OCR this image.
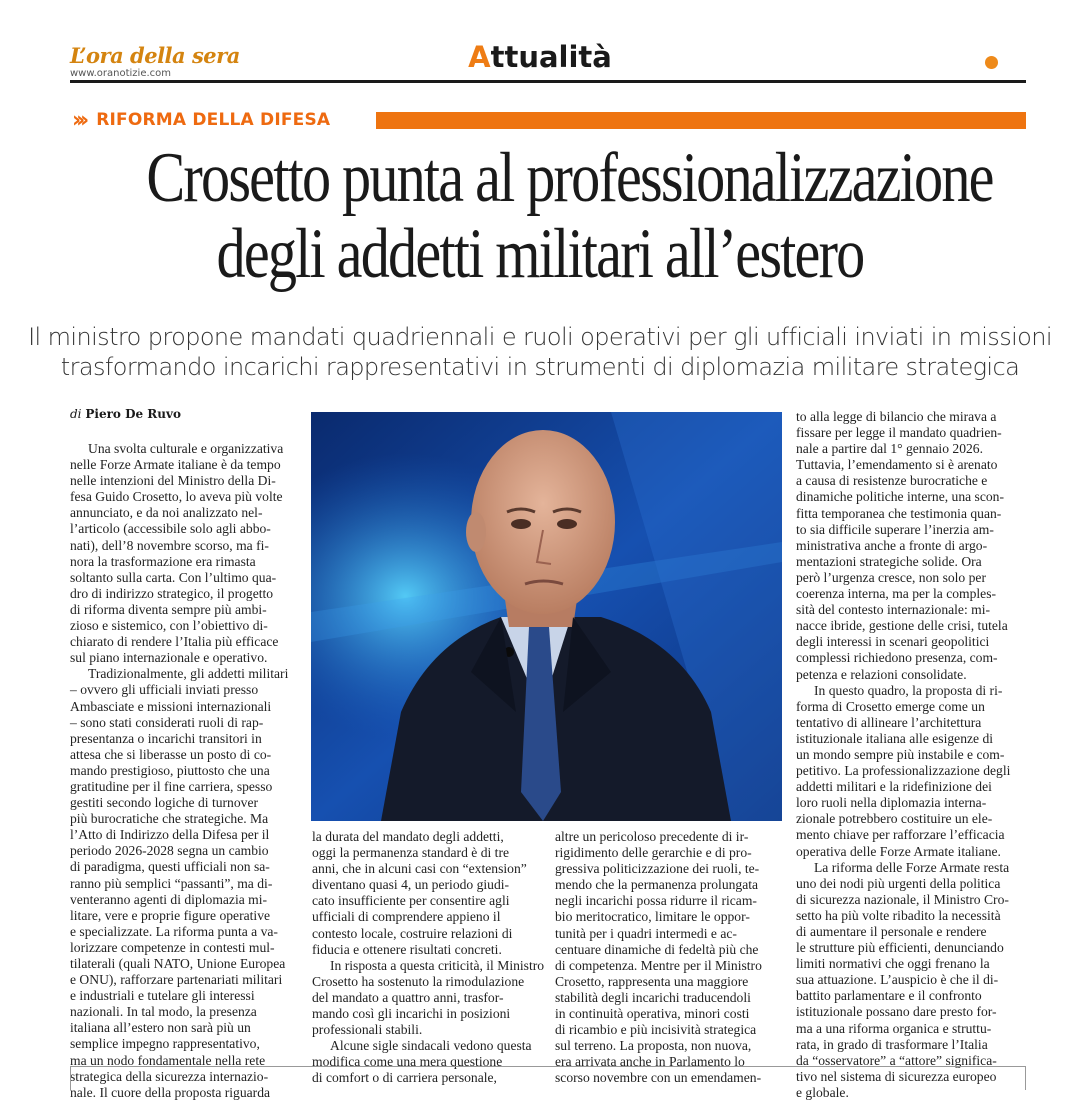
L’ora della sera
www.oranotizie.com	Attualità
››› RIFORMA DELLA DIFESA
Crosetto punta al professionalizzazione
degli addetti militari all’estero
Il ministro propone mandati quadriennali e ruoli operativi per gli ufficiali inviati in missioni
trasformando incarichi rappresentativi in strumenti di diplomazia militare strategica
di Piero De Ruvo
Una svolta culturale e organizzativa
nelle Forze Armate italiane è da tempo
nelle intenzioni del Ministro della Di-
fesa Guido Crosetto, lo aveva più volte
annunciato, e da noi analizzato nel-
l’articolo (accessibile solo agli abbo-
nati), dell’8 novembre scorso, ma fi-
nora la trasformazione era rimasta
soltanto sulla carta. Con l’ultimo qua-
dro di indirizzo strategico, il progetto
di riforma diventa sempre più ambi-
zioso e sistemico, con l’obiettivo di-
chiarato di rendere l’Italia più efficace
sul piano internazionale e operativo.
Tradizionalmente, gli addetti militari
– ovvero gli ufficiali inviati presso
Ambasciate e missioni internazionali
– sono stati considerati ruoli di rap-
presentanza o incarichi transitori in
attesa che si liberasse un posto di co-
mando prestigioso, piuttosto che una
gratitudine per il fine carriera, spesso
gestiti secondo logiche di turnover
più burocratiche che strategiche. Ma
l’Atto di Indirizzo della Difesa per il
periodo 2026-2028 segna un cambio
di paradigma, questi ufficiali non sa-
ranno più semplici “passanti”, ma di-
venteranno agenti di diplomazia mi-
litare, vere e proprie figure operative
e specializzate. La riforma punta a va-
lorizzare competenze in contesti mul-
tilaterali (quali NATO, Unione Europea
e ONU), rafforzare partenariati militari
e industriali e tutelare gli interessi
nazionali. In tal modo, la presenza
italiana all’estero non sarà più un
semplice impegno rappresentativo,
ma un nodo fondamentale nella rete
strategica della sicurezza internazio-
nale. Il cuore della proposta riguarda
la durata del mandato degli addetti,
oggi la permanenza standard è di tre
anni, che in alcuni casi con “extension”
diventano quasi 4, un periodo giudi-
cato insufficiente per consentire agli
ufficiali di comprendere appieno il
contesto locale, costruire relazioni di
fiducia e ottenere risultati concreti.
In risposta a questa criticità, il Ministro
Crosetto ha sostenuto la rimodulazione
del mandato a quattro anni, trasfor-
mando così gli incarichi in posizioni
professionali stabili.
Alcune sigle sindacali vedono questa
modifica come una mera questione
di comfort o di carriera personale,
altre un pericoloso precedente di ir-
rigidimento delle gerarchie e di pro-
gressiva politicizzazione dei ruoli, te-
mendo che la permanenza prolungata
negli incarichi possa ridurre il ricam-
bio meritocratico, limitare le oppor-
tunità per i quadri intermedi e ac-
centuare dinamiche di fedeltà più che
di competenza. Mentre per il Ministro
Crosetto, rappresenta una maggiore
stabilità degli incarichi traducendoli
in continuità operativa, minori costi
di ricambio e più incisività strategica
sul terreno. La proposta, non nuova,
era arrivata anche in Parlamento lo
scorso novembre con un emendamen-
to alla legge di bilancio che mirava a
fissare per legge il mandato quadrien-
nale a partire dal 1° gennaio 2026.
Tuttavia, l’emendamento si è arenato
a causa di resistenze burocratiche e
dinamiche politiche interne, una scon-
fitta temporanea che testimonia quan-
to sia difficile superare l’inerzia am-
ministrativa anche a fronte di argo-
mentazioni strategiche solide. Ora
però l’urgenza cresce, non solo per
coerenza interna, ma per la comples-
sità del contesto internazionale: mi-
nacce ibride, gestione delle crisi, tutela
degli interessi in scenari geopolitici
complessi richiedono presenza, com-
petenza e relazioni consolidate.
In questo quadro, la proposta di ri-
forma di Crosetto emerge come un
tentativo di allineare l’architettura
istituzionale italiana alle esigenze di
un mondo sempre più instabile e com-
petitivo. La professionalizzazione degli
addetti militari e la ridefinizione dei
loro ruoli nella diplomazia interna-
zionale potrebbero costituire un ele-
mento chiave per rafforzare l’efficacia
operativa delle Forze Armate italiane.
La riforma delle Forze Armate resta
uno dei nodi più urgenti della politica
di sicurezza nazionale, il Ministro Cro-
setto ha più volte ribadito la necessità
di aumentare il personale e rendere
le strutture più efficienti, denunciando
limiti normativi che oggi frenano la
sua attuazione. L’auspicio è che il di-
battito parlamentare e il confronto
istituzionale possano dare presto for-
ma a una riforma organica e struttu-
rata, in grado di trasformare l’Italia
da “osservatore” a “attore” significa-
tivo nel sistema di sicurezza europeo
e globale.
